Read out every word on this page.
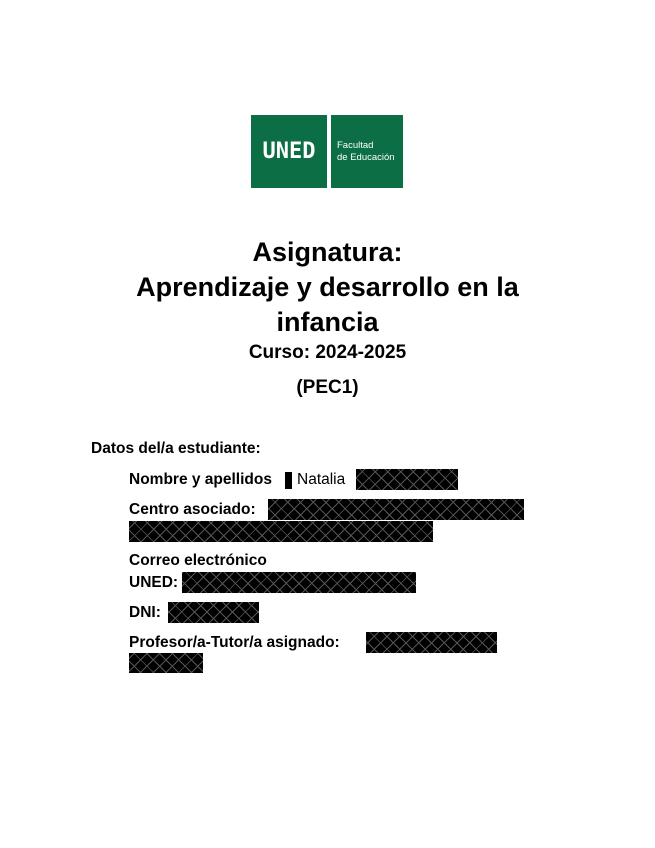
UNED Facultad
de Educación
Asignatura:
Aprendizaje y desarrollo en la
infancia
Curso: 2024-2025
(PEC1)
Datos del/a estudiante:
Nombre y apellidos Natalia
Centro asociado:
Correo electrónico
UNED:
DNI:
Profesor/a-Tutor/a asignado:
